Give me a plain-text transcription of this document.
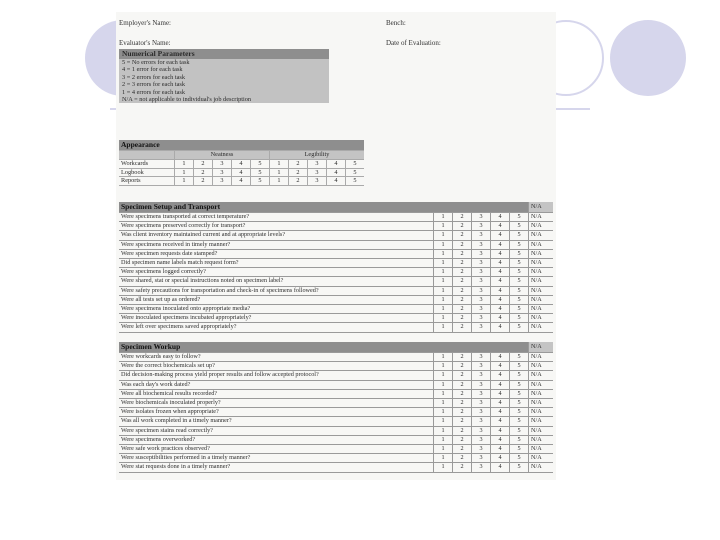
Employer's Name:	Bench:
Evaluator's Name:	Date of Evaluation:
Numerical Parameters
5 = No errors for each task
4 = 1 error for each task
3 = 2 errors for each task
2 = 3 errors for each task
1 = 4 errors for each task
N/A = not applicable to individual's job description
Appearance										
	Neatness					Legibility				
Workcards	1	2	3	4	5	1	2	3	4	5
Logbook	1	2	3	4	5	1	2	3	4	5
Reports	1	2	3	4	5	1	2	3	4	5
Specimen Setup and Transport						N/A
Were specimens transported at correct temperature?	1	2	3	4	5	N/A
Were specimens preserved correctly for transport?	1	2	3	4	5	N/A
Was client inventory maintained current and at appropriate levels?	1	2	3	4	5	N/A
Were specimens received in timely manner?	1	2	3	4	5	N/A
Were specimen requests date stamped?	1	2	3	4	5	N/A
Did specimen name labels match request form?	1	2	3	4	5	N/A
Were specimens logged correctly?	1	2	3	4	5	N/A
Were shared, stat or special instructions noted on specimen label?	1	2	3	4	5	N/A
Were safety precautions for transportation and check-in of specimens followed?	1	2	3	4	5	N/A
Were all tests set up as ordered?	1	2	3	4	5	N/A
Were specimens inoculated onto appropriate media?	1	2	3	4	5	N/A
Were inoculated specimens incubated appropriately?	1	2	3	4	5	N/A
Were left over specimens saved appropriately?	1	2	3	4	5	N/A
Specimen Workup						N/A
Were workcards easy to follow?	1	2	3	4	5	N/A
Were the correct biochemicals set up?	1	2	3	4	5	N/A
Did decision-making process yield proper results and follow accepted protocol?	1	2	3	4	5	N/A
Was each day's work dated?	1	2	3	4	5	N/A
Were all biochemical results recorded?	1	2	3	4	5	N/A
Were biochemicals inoculated properly?	1	2	3	4	5	N/A
Were isolates frozen when appropriate?	1	2	3	4	5	N/A
Was all work completed in a timely manner?	1	2	3	4	5	N/A
Were specimen stains read correctly?	1	2	3	4	5	N/A
Were specimens overworked?	1	2	3	4	5	N/A
Were safe work practices observed?	1	2	3	4	5	N/A
Were susceptibilities performed in a timely manner?	1	2	3	4	5	N/A
Were stat requests done in a timely manner?	1	2	3	4	5	N/A
